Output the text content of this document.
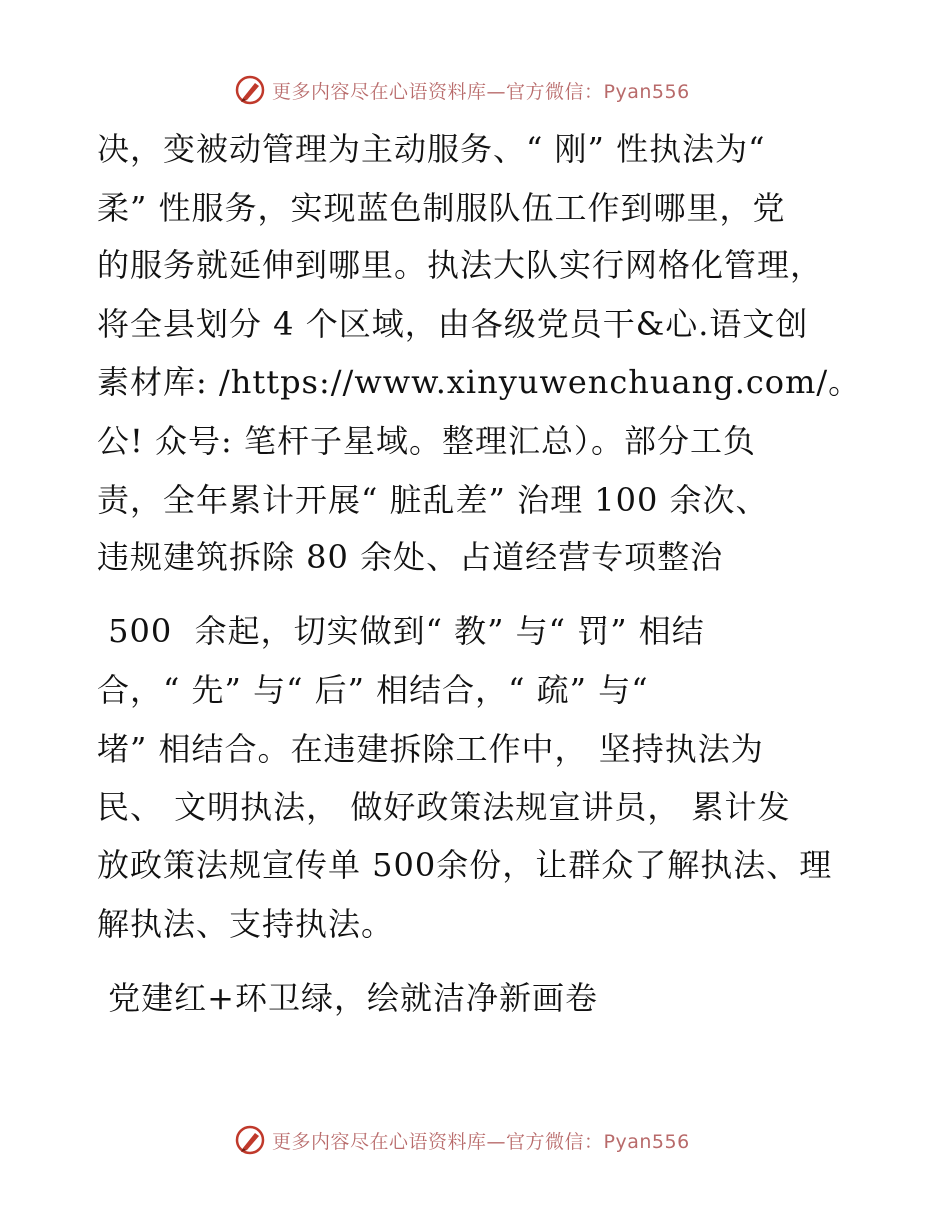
更多内容尽在心语资料库—官方微信：Pyan556
决，变被动管理为主动服务、“ 刚” 性执法为“
柔” 性服务，实现蓝色制服队伍工作到哪里，党
的服务就延伸到哪里。执法大队实行网格化管理，
将全县划分 4 个区域，由各级党员干&心.语文创
素材库: /https://www.xinyuwenchuang.com/。
公! 众号: 笔杆子星域。整理汇总）。部分工负
责，全年累计开展“ 脏乱差” 治理 100 余次、
违规建筑拆除 80 余处、占道经营专项整治
500  余起，切实做到“ 教” 与“ 罚” 相结
合，“ 先” 与“ 后” 相结合，“ 疏” 与“
堵” 相结合。在违建拆除工作中， 坚持执法为
民、 文明执法， 做好政策法规宣讲员， 累计发
放政策法规宣传单 500余份，让群众了解执法、理
解执法、支持执法。
党建红+环卫绿，绘就洁净新画卷
更多内容尽在心语资料库—官方微信：Pyan556
